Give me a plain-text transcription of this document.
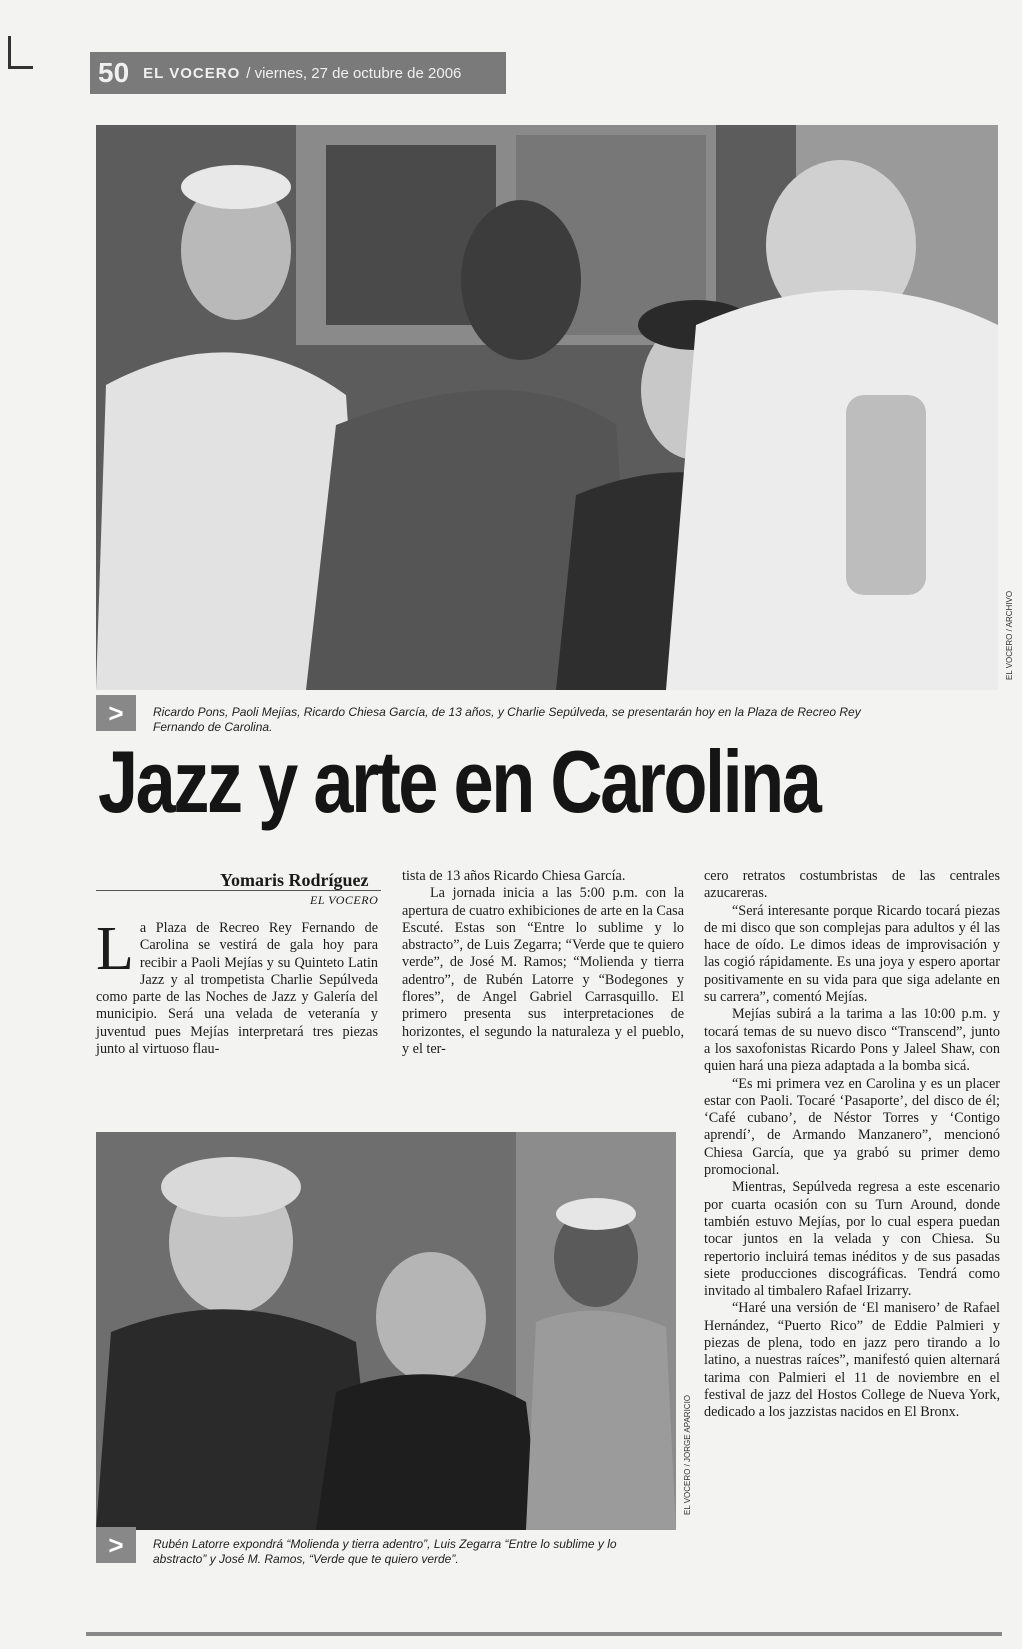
50 EL VOCERO / viernes, 27 de octubre de 2006
EL VOCERO / ARCHIVO
>	Ricardo Pons, Paoli Mejías, Ricardo Chiesa García, de 13 años, y Charlie Sepúlveda, se presentarán hoy en la Plaza de Recreo Rey Fernando de Carolina.
Jazz y arte en Carolina
Yomaris Rodríguez
EL VOCERO

La Plaza de Recreo Rey Fernando de Carolina se vestirá de gala hoy para recibir a Paoli Mejías y su Quinteto Latin Jazz y al trompetista Charlie Sepúlveda como parte de las Noches de Jazz y Galería del municipio. Será una velada de veteranía y juventud pues Mejías interpretará tres piezas junto al virtuoso flau-

tista de 13 años Ricardo Chiesa García.

La jornada inicia a las 5:00 p.m. con la apertura de cuatro exhibiciones de arte en la Casa Escuté. Estas son “Entre lo sublime y lo abstracto”, de Luis Zegarra; “Verde que te quiero verde”, de José M. Ramos; “Molienda y tierra adentro”, de Rubén Latorre y “Bodegones y flores”, de Angel Gabriel Carrasquillo. El primero presenta sus interpretaciones de horizontes, el segundo la naturaleza y el pueblo, y el ter-

cero retratos costumbristas de las centrales azucareras.

“Será interesante porque Ricardo tocará piezas de mi disco que son complejas para adultos y él las hace de oído. Le dimos ideas de improvisación y las cogió rápidamente. Es una joya y espero aportar positivamente en su vida para que siga adelante en su carrera”, comentó Mejías.

Mejías subirá a la tarima a las 10:00 p.m. y tocará temas de su nuevo disco “Transcend”, junto a los saxofonistas Ricardo Pons y Jaleel Shaw, con quien hará una pieza adaptada a la bomba sicá.

“Es mi primera vez en Carolina y es un placer estar con Paoli. Tocaré ‘Pasaporte’, del disco de él; ‘Café cubano’, de Néstor Torres y ‘Contigo aprendí’, de Armando Manzanero”, mencionó Chiesa García, que ya grabó su primer demo promocional.

Mientras, Sepúlveda regresa a este escenario por cuarta ocasión con su Turn Around, donde también estuvo Mejías, por lo cual espera puedan tocar juntos en la velada y con Chiesa. Su repertorio incluirá temas inéditos y de sus pasadas siete producciones discográficas. Tendrá como invitado al timbalero Rafael Irizarry.

“Haré una versión de ‘El manisero’ de Rafael Hernández, “Puerto Rico” de Eddie Palmieri y piezas de plena, todo en jazz pero tirando a lo latino, a nuestras raíces”, manifestó quien alternará tarima con Palmieri el 11 de noviembre en el festival de jazz del Hostos College de Nueva York, dedicado a los jazzistas nacidos en El Bronx.

EL VOCERO / JORGE APARICIO
>	Rubén Latorre expondrá “Molienda y tierra adentro”, Luis Zegarra “Entre lo sublime y lo abstracto” y José M. Ramos, “Verde que te quiero verde”.
